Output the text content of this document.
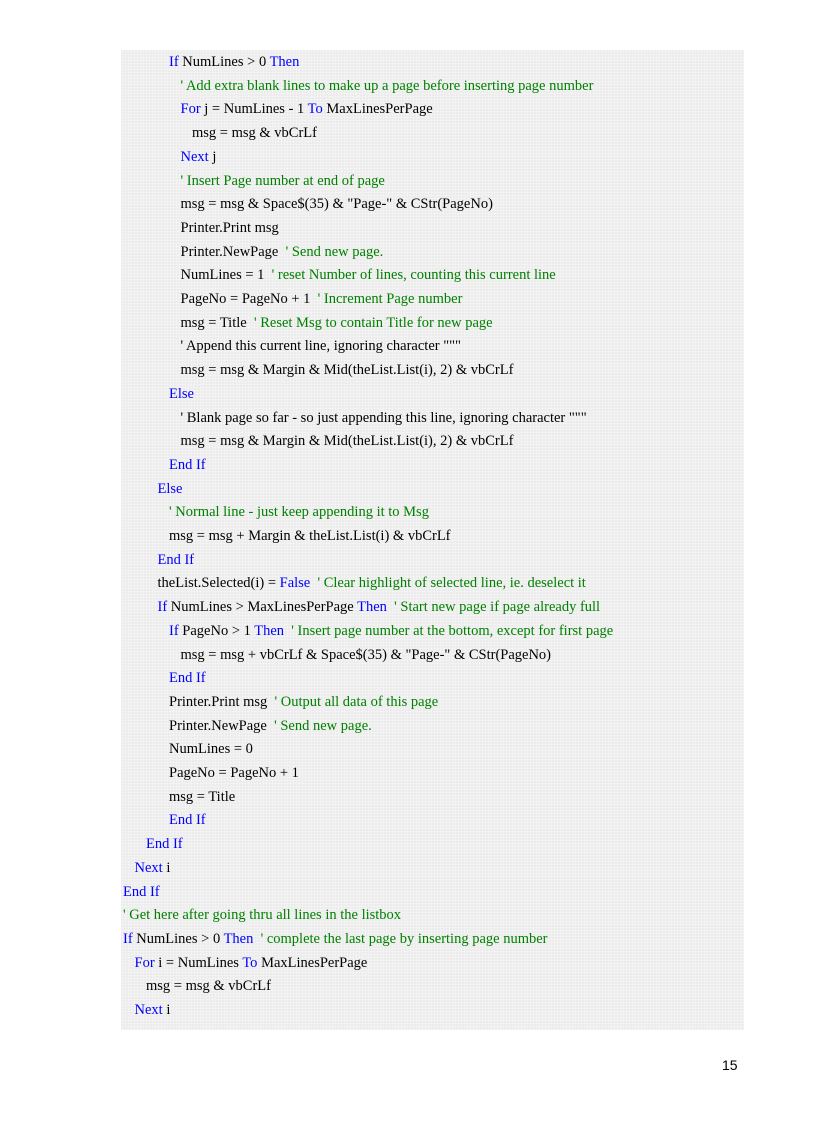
If NumLines > 0 Then
' Add extra blank lines to make up a page before inserting page number
For j = NumLines - 1 To MaxLinesPerPage
msg = msg & vbCrLf
Next j
' Insert Page number at end of page
msg = msg & Space$(35) & "Page-" & CStr(PageNo)
Printer.Print msg
Printer.NewPage  ' Send new page.
NumLines = 1  ' reset Number of lines, counting this current line
PageNo = PageNo + 1  ' Increment Page number
msg = Title  ' Reset Msg to contain Title for new page
' Append this current line, ignoring character """
msg = msg & Margin & Mid(theList.List(i), 2) & vbCrLf
Else
' Blank page so far - so just appending this line, ignoring character """
msg = msg & Margin & Mid(theList.List(i), 2) & vbCrLf
End If
Else
' Normal line - just keep appending it to Msg
msg = msg + Margin & theList.List(i) & vbCrLf
End If
theList.Selected(i) = False ' Clear highlight of selected line, ie. deselect it
If NumLines > MaxLinesPerPage Then ' Start new page if page already full
If PageNo > 1 Then ' Insert page number at the bottom, except for first page
msg = msg + vbCrLf & Space$(35) & "Page-" & CStr(PageNo)
End If
Printer.Print msg  ' Output all data of this page
Printer.NewPage  ' Send new page.
NumLines = 0
PageNo = PageNo + 1
msg = Title
End If
End If
Next i
End If
' Get here after going thru all lines in the listbox
If NumLines > 0 Then ' complete the last page by inserting page number
For i = NumLines To MaxLinesPerPage
msg = msg & vbCrLf
Next i
15
